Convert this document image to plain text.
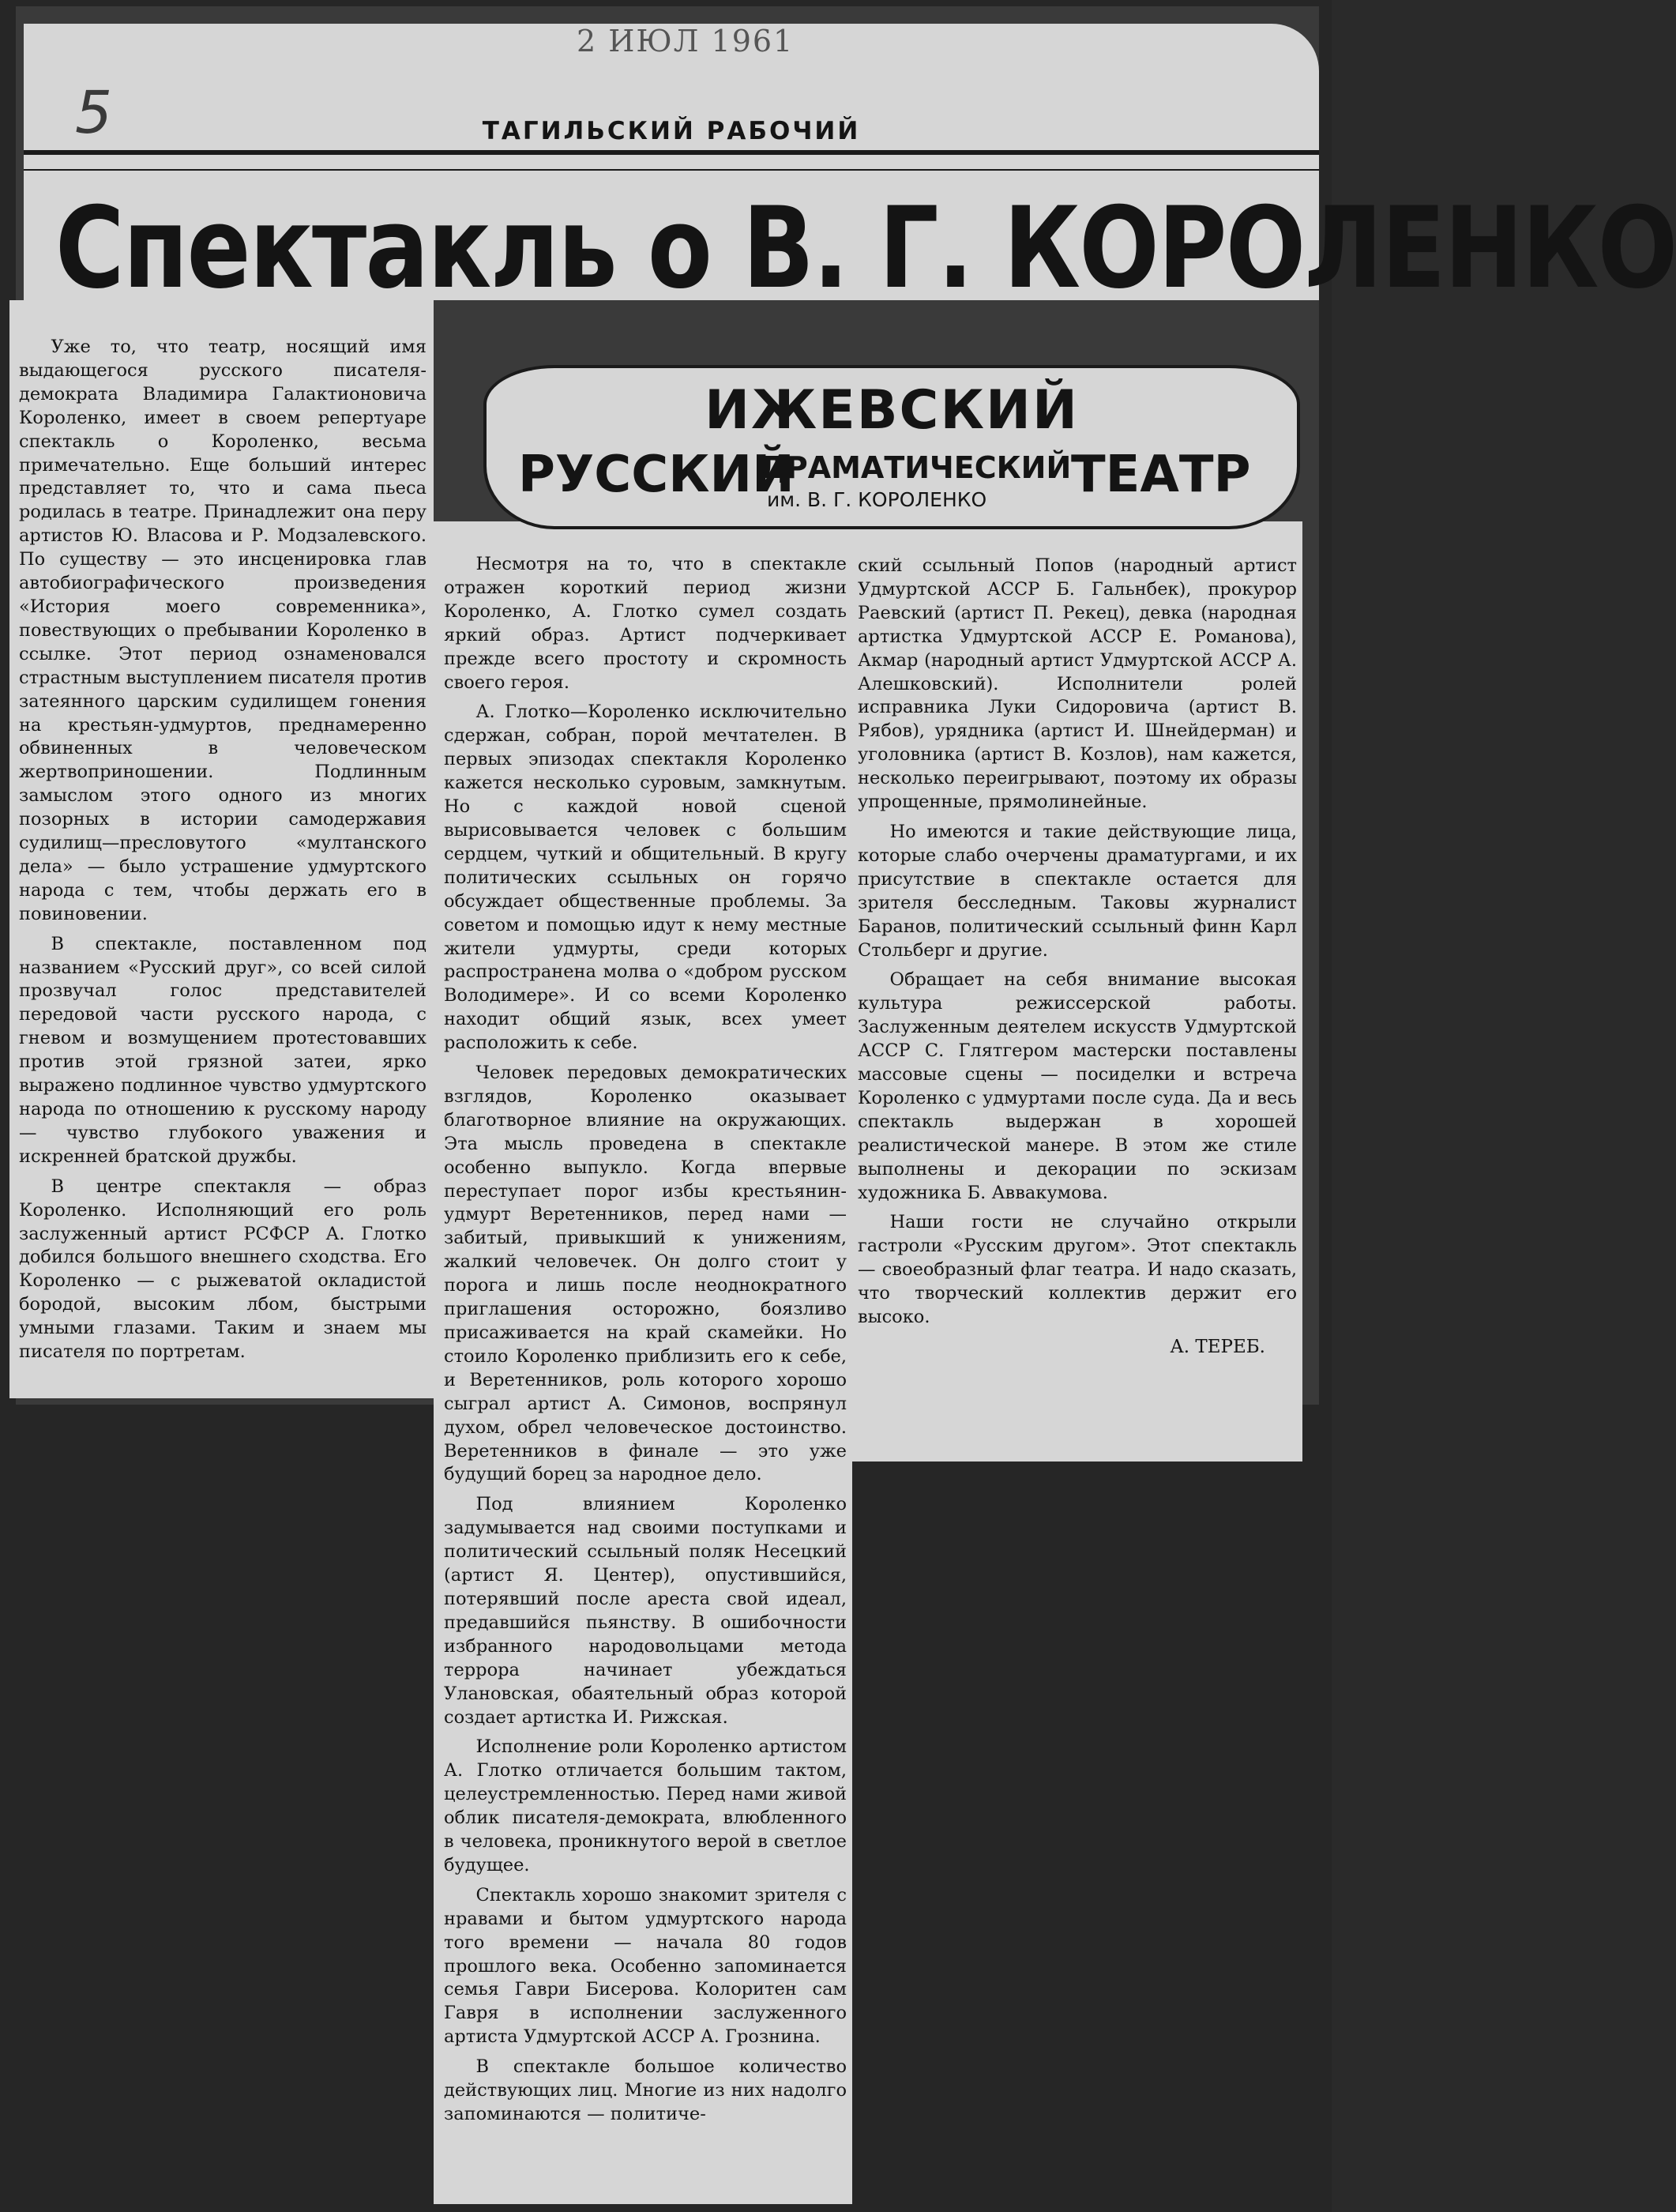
2 ИЮЛ 1961
5	ТАГИЛЬСКИЙ РАБОЧИЙ
Спектакль о В. Г. КОРОЛЕНКО
ИЖЕВСКИЙ
РУССКИЙ
ДРАМАТИЧЕСКИЙ
им. В. Г. КОРОЛЕНКО ТЕАТР

Уже то, что театр, носящий имя выдающегося русского писателя-демократа Владимира Галактионовича Короленко, имеет в своем репертуаре спектакль о Короленко, весьма примечательно. Еще больший интерес представляет то, что и сама пьеса родилась в театре. Принадлежит она перу артистов Ю. Власова и Р. Модзалевского. По существу — это инсценировка глав автобиографического произведения «История моего современника», повествующих о пребывании Короленко в ссылке. Этот период ознаменовался страстным выступлением писателя против затеянного царским судилищем гонения на крестьян-удмуртов, преднамеренно обвиненных в человеческом жертвоприношении. Подлинным замыслом этого одного из многих позорных в истории самодержавия судилищ—пресловутого «мултанского дела» — было устрашение удмуртского народа с тем, чтобы держать его в повиновении.

В спектакле, поставленном под названием «Русский друг», со всей силой прозвучал голос представителей передовой части русского народа, с гневом и возмущением протестовавших против этой грязной затеи, ярко выражено подлинное чувство удмуртского народа по отношению к русскому народу — чувство глубокого уважения и искренней братской дружбы.

В центре спектакля — образ Короленко. Исполняющий его роль заслуженный артист РСФСР А. Глотко добился большого внешнего сходства. Его Короленко — с рыжеватой окладистой бородой, высоким лбом, быстрыми умными глазами. Таким и знаем мы писателя по портретам.

Несмотря на то, что в спектакле отражен короткий период жизни Короленко, А. Глотко сумел создать яркий образ. Артист подчеркивает прежде всего простоту и скромность своего героя.

А. Глотко—Короленко исключительно сдержан, собран, порой мечтателен. В первых эпизодах спектакля Короленко кажется несколько суровым, замкнутым. Но с каждой новой сценой вырисовывается человек с большим сердцем, чуткий и общительный. В кругу политических ссыльных он горячо обсуждает общественные проблемы. За советом и помощью идут к нему местные жители удмурты, среди которых распространена молва о «добром русском Володимере». И со всеми Короленко находит общий язык, всех умеет расположить к себе.

Человек передовых демократических взглядов, Короленко оказывает благотворное влияние на окружающих. Эта мысль проведена в спектакле особенно выпукло. Когда впервые переступает порог избы крестьянин-удмурт Веретенников, перед нами — забитый, привыкший к унижениям, жалкий человечек. Он долго стоит у порога и лишь после неоднократного приглашения осторожно, боязливо присаживается на край скамейки. Но стоило Короленко приблизить его к себе, и Веретенников, роль которого хорошо сыграл артист А. Симонов, воспрянул духом, обрел человеческое достоинство. Веретенников в финале — это уже будущий борец за народное дело.

Под влиянием Короленко задумывается над своими поступками и политический ссыльный поляк Несецкий (артист Я. Центер), опустившийся, потерявший после ареста свой идеал, предавшийся пьянству. В ошибочности избранного народовольцами метода террора начинает убеждаться Улановская, обаятельный образ которой создает артистка И. Рижская.

Исполнение роли Короленко артистом А. Глотко отличается большим тактом, целеустремленностью. Перед нами живой облик писателя-демократа, влюбленного в человека, проникнутого верой в светлое будущее.

Спектакль хорошо знакомит зрителя с нравами и бытом удмуртского народа того времени — начала 80 годов прошлого века. Особенно запоминается семья Гаври Бисерова. Колоритен сам Гавря в исполнении заслуженного артиста Удмуртской АССР А. Грознина.

В спектакле большое количество действующих лиц. Многие из них надолго запоминаются — политиче-

ский ссыльный Попов (народный артист Удмуртской АССР Б. Гальнбек), прокурор Раевский (артист П. Рекец), девка (народная артистка Удмуртской АССР Е. Романова), Акмар (народный артист Удмуртской АССР А. Алешковский). Исполнители ролей исправника Луки Сидоровича (артист В. Рябов), урядника (артист И. Шнейдерман) и уголовника (артист В. Козлов), нам кажется, несколько переигрывают, поэтому их образы упрощенные, прямолинейные.

Но имеются и такие действующие лица, которые слабо очерчены драматургами, и их присутствие в спектакле остается для зрителя бесследным. Таковы журналист Баранов, политический ссыльный финн Карл Стольберг и другие.

Обращает на себя внимание высокая культура режиссерской работы. Заслуженным деятелем искусств Удмуртской АССР С. Глятгером мастерски поставлены массовые сцены — посиделки и встреча Короленко с удмуртами после суда. Да и весь спектакль выдержан в хорошей реалистической манере. В этом же стиле выполнены и декорации по эскизам художника Б. Аввакумова.

Наши гости не случайно открыли гастроли «Русским другом». Этот спектакль — своеобразный флаг театра. И надо сказать, что творческий коллектив держит его высоко.

А. ТЕРЕБ.
